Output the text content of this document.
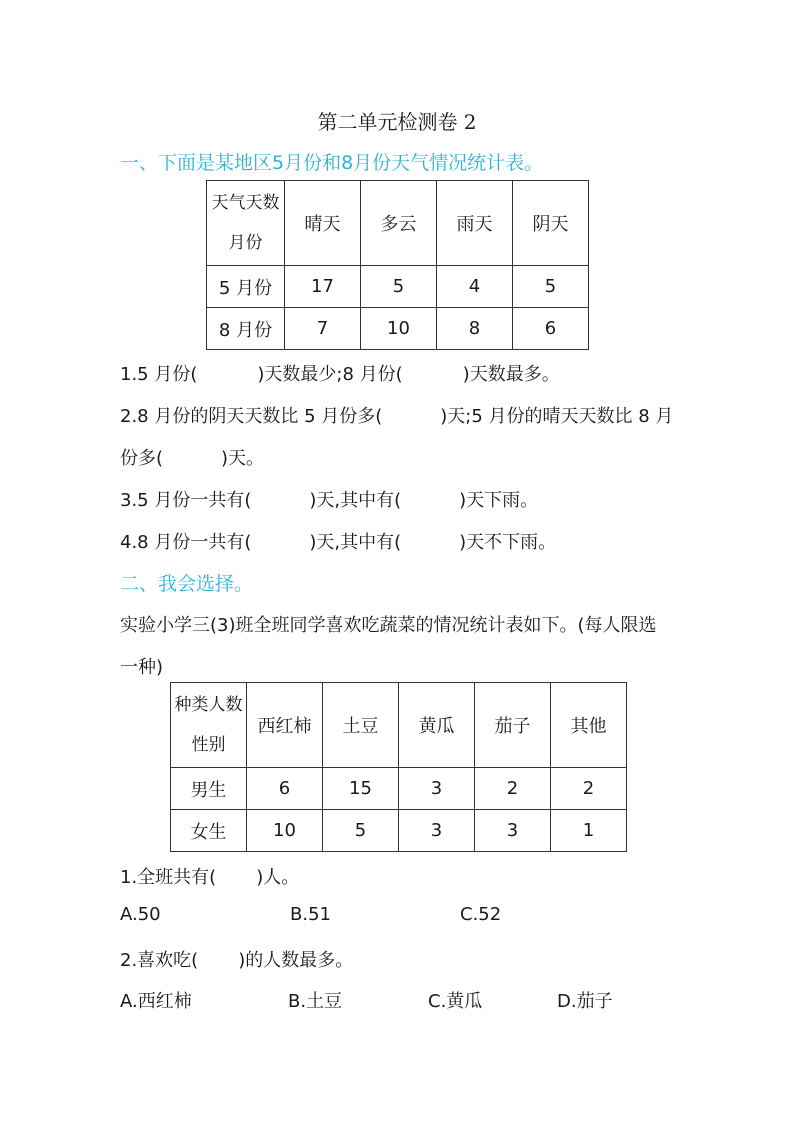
第二单元检测卷 2
一、下面是某地区5月份和8月份天气情况统计表。
天气天数
月份	晴天	多云	雨天	阴天
5 月份	17	5	4	5
8 月份	7	10	8	6
1.5 月份(	)天数最少;8 月份(	)天数最多。
2.8 月份的阴天天数比 5 月份多(	)天;5 月份的晴天天数比 8 月
份多(	)天。
3.5 月份一共有(	)天,其中有(	)天下雨。
4.8 月份一共有(	)天,其中有(	)天不下雨。
二、我会选择。
实验小学三(3)班全班同学喜欢吃蔬菜的情况统计表如下。(每人限选
一种)
种类人数
性别	西红柿	土豆	黄瓜	茄子	其他
男生	6	15	3	2	2
女生	10	5	3	3	1
1.全班共有( )人。
A.50	B.51	C.52
2.喜欢吃( )的人数最多。
A.西红柿	B.土豆	C.黄瓜	D.茄子
